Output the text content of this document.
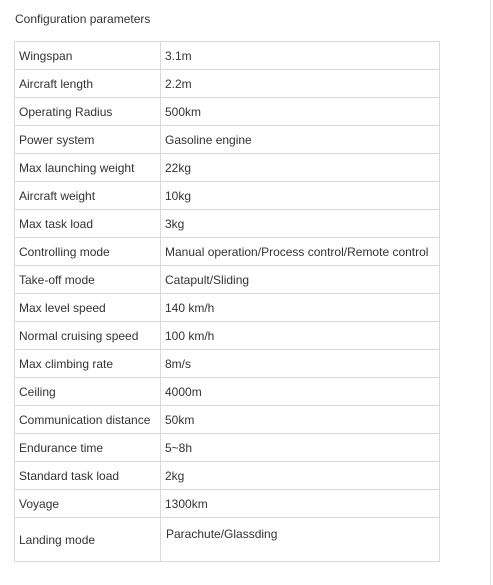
Configuration parameters
Wingspan	3.1m
Aircraft length	2.2m
Operating Radius	500km
Power system	Gasoline engine
Max launching weight	22kg
Aircraft weight	10kg
Max task load	3kg
Controlling mode	Manual operation/Process control/Remote control
Take-off mode	Catapult/Sliding
Max level speed	140 km/h
Normal cruising speed	100 km/h
Max climbing rate	8m/s
Ceiling	4000m
Communication distance	50km
Endurance time	5~8h
Standard task load	2kg
Voyage	1300km
Landing mode	Parachute/Glassding
